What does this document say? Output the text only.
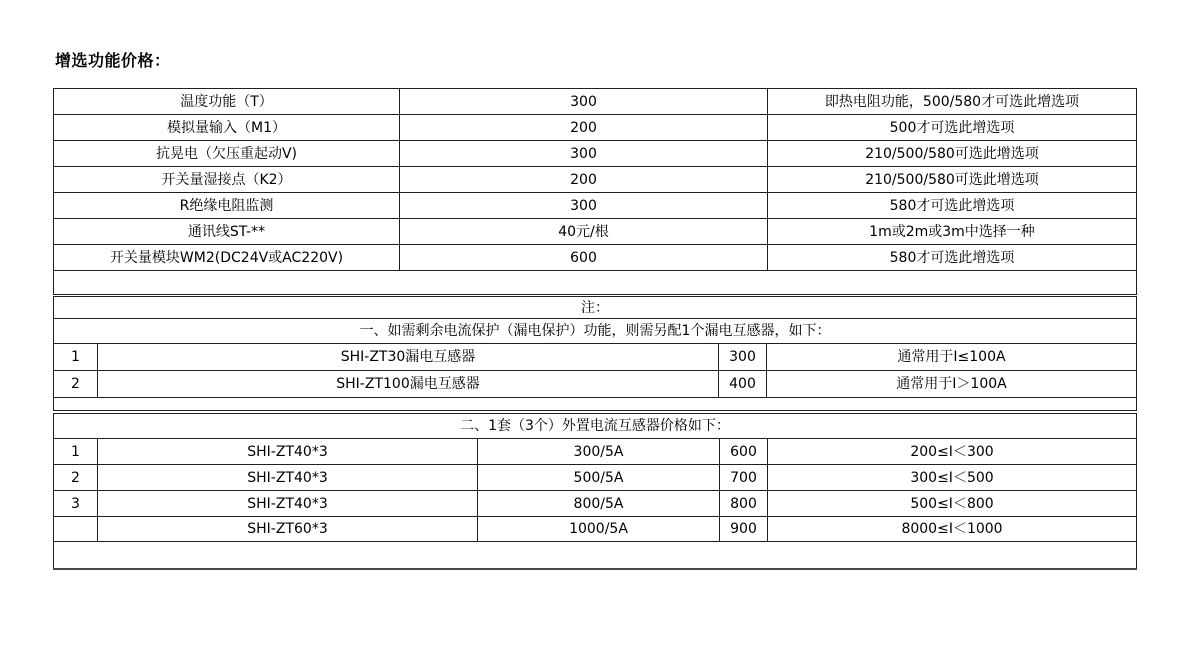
增选功能价格：
温度功能（T）	300	即热电阻功能，500/580才可选此增选项
模拟量输入（M1）	200	500才可选此增选项
抗晃电（欠压重起动V)	300	210/500/580可选此增选项
开关量湿接点（K2）	200	210/500/580可选此增选项
R绝缘电阻监测	300	580才可选此增选项
通讯线ST-**	40元/根	1m或2m或3m中选择一种
开关量模块WM2(DC24V或AC220V)	600	580才可选此增选项

注：			
一、如需剩余电流保护（漏电保护）功能，则需另配1个漏电互感器，如下：			
1	SHI-ZT30漏电互感器	300	通常用于I≤100A
2	SHI-ZT100漏电互感器	400	通常用于I＞100A

二、1套（3个）外置电流互感器价格如下：				
1	SHI-ZT40*3	300/5A	600	200≤I＜300
2	SHI-ZT40*3	500/5A	700	300≤I＜500
3	SHI-ZT40*3	800/5A	800	500≤I＜800
	SHI-ZT60*3	1000/5A	900	8000≤I＜1000
